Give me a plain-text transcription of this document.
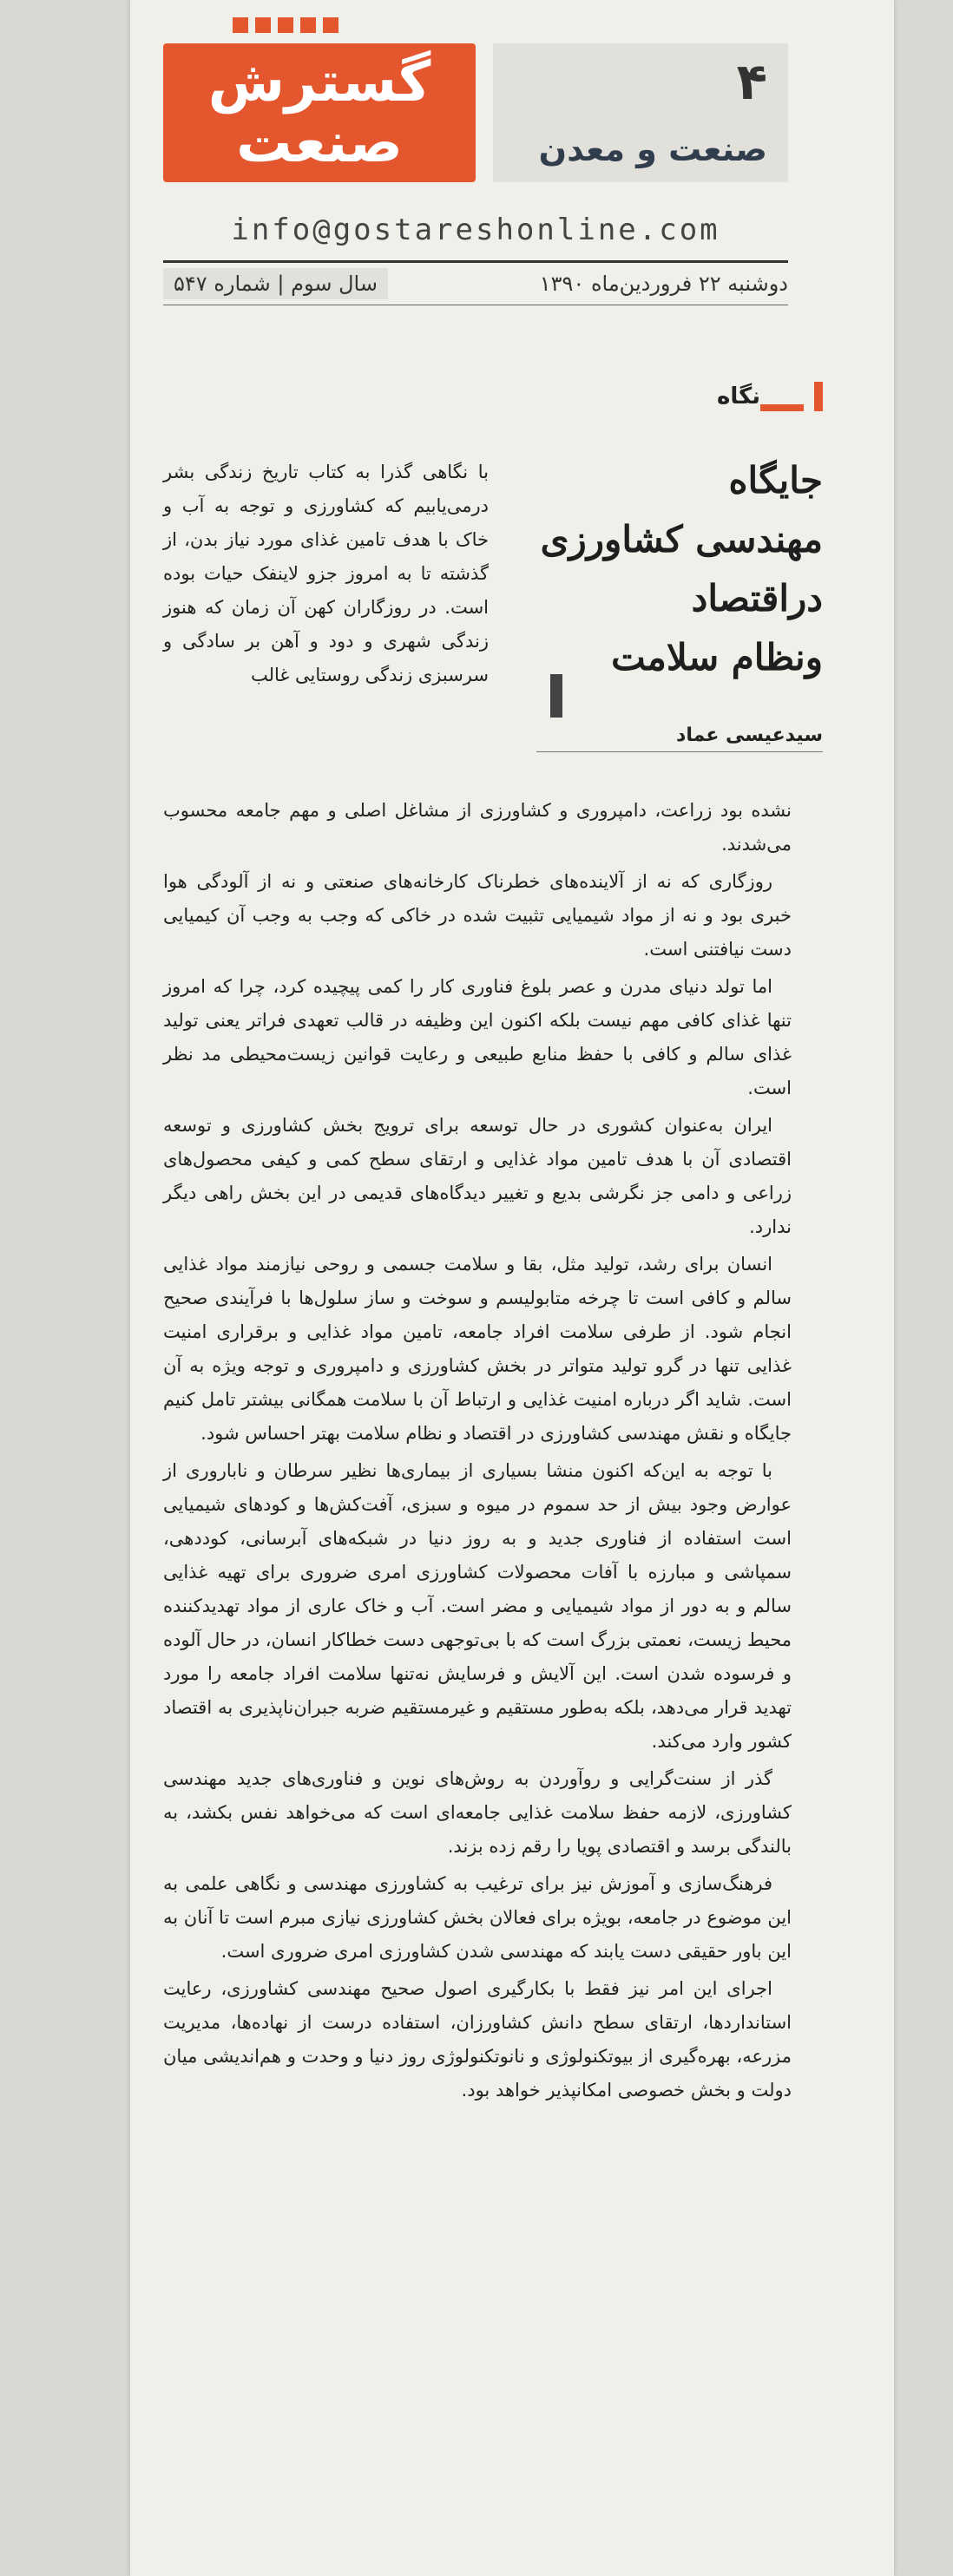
گسترش
صنعت
۴
صنعت و معدن
info@gostareshonline.com
دوشنبه ۲۲ فروردین‌ماه ۱۳۹۰
سال سوم | شماره ۵۴۷
نگاه
جایگاه
مهندسی کشاورزی
دراقتصاد
ونظام سلامت
سیدعیسی عماد
با نگاهی گذرا به کتاب تاریخ زندگی بشر درمی‌یابیم که کشاورزی و توجه به آب و خاک با هدف تامین غذای مورد نیاز بدن، از گذشته تا به امروز جزو لاینفک حیات بوده است. در روزگاران کهن آن زمان که هنوز زندگی شهری و دود و آهن بر سادگی و سرسبزی زندگی روستایی غالب

نشده بود زراعت، دامپروری و کشاورزی از مشاغل اصلی و مهم جامعه محسوب می‌شدند.

روزگاری که نه از آلاینده‌های خطرناک کارخانه‌های صنعتی و نه از آلودگی هوا خبری بود و نه از مواد شیمیایی تثبیت شده در خاکی که وجب به وجب آن کیمیایی دست نیافتنی است.

اما تولد دنیای مدرن و عصر بلوغ فناوری کار را کمی پیچیده کرد، چرا که امروز تنها غذای کافی مهم نیست بلکه اکنون این وظیفه در قالب تعهدی فراتر یعنی تولید غذای سالم و کافی با حفظ منابع طبیعی و رعایت قوانین زیست‌محیطی مد نظر است.

ایران به‌عنوان کشوری در حال توسعه برای ترویج بخش کشاورزی و توسعه اقتصادی آن با هدف تامین مواد غذایی و ارتقای سطح کمی و کیفی محصول‌های زراعی و دامی جز نگرشی بدیع و تغییر دیدگاه‌های قدیمی در این بخش راهی دیگر ندارد.

انسان برای رشد، تولید مثل، بقا و سلامت جسمی و روحی نیازمند مواد غذایی سالم و کافی است تا چرخه متابولیسم و سوخت و ساز سلول‌ها با فرآیندی صحیح انجام شود. از طرفی سلامت افراد جامعه، تامین مواد غذایی و برقراری امنیت غذایی تنها در گرو تولید متواتر در بخش کشاورزی و دامپروری و توجه ویژه به آن است. شاید اگر درباره امنیت غذایی و ارتباط آن با سلامت همگانی بیشتر تامل کنیم جایگاه و نقش مهندسی کشاورزی در اقتصاد و نظام سلامت بهتر احساس شود.

با توجه به این‌که اکنون منشا بسیاری از بیماری‌ها نظیر سرطان و ناباروری از عوارض وجود بیش از حد سموم در میوه و سبزی، آفت‌کش‌ها و کودهای شیمیایی است استفاده از فناوری جدید و به روز دنیا در شبکه‌های آبرسانی، کوددهی، سمپاشی و مبارزه با آفات محصولات کشاورزی امری ضروری برای تهیه غذایی سالم و به دور از مواد شیمیایی و مضر است. آب و خاک عاری از مواد تهدیدکننده محیط زیست، نعمتی بزرگ است که با بی‌توجهی دست خطاکار انسان، در حال آلوده و فرسوده شدن است. این آلایش و فرسایش نه‌تنها سلامت افراد جامعه را مورد تهدید قرار می‌دهد، بلکه به‌طور مستقیم و غیرمستقیم ضربه جبران‌ناپذیری به اقتصاد کشور وارد می‌کند.

گذر از سنت‌گرایی و روآوردن به روش‌های نوین و فناوری‌های جدید مهندسی کشاورزی، لازمه حفظ سلامت غذایی جامعه‌ای است که می‌خواهد نفس بکشد، به بالندگی برسد و اقتصادی پویا را رقم زده بزند.

فرهنگ‌سازی و آموزش نیز برای ترغیب به کشاورزی مهندسی و نگاهی علمی به این موضوع در جامعه، بویژه برای فعالان بخش کشاورزی نیازی مبرم است تا آنان به این باور حقیقی دست یابند که مهندسی شدن کشاورزی امری ضروری است.

اجرای این امر نیز فقط با بکارگیری اصول صحیح مهندسی کشاورزی، رعایت استانداردها، ارتقای سطح دانش کشاورزان، استفاده درست از نهاده‌ها، مدیریت مزرعه، بهره‌گیری از بیوتکنولوژی و نانوتکنولوژی روز دنیا و وحدت و هم‌اندیشی میان دولت و بخش خصوصی امکانپذیر خواهد بود.
